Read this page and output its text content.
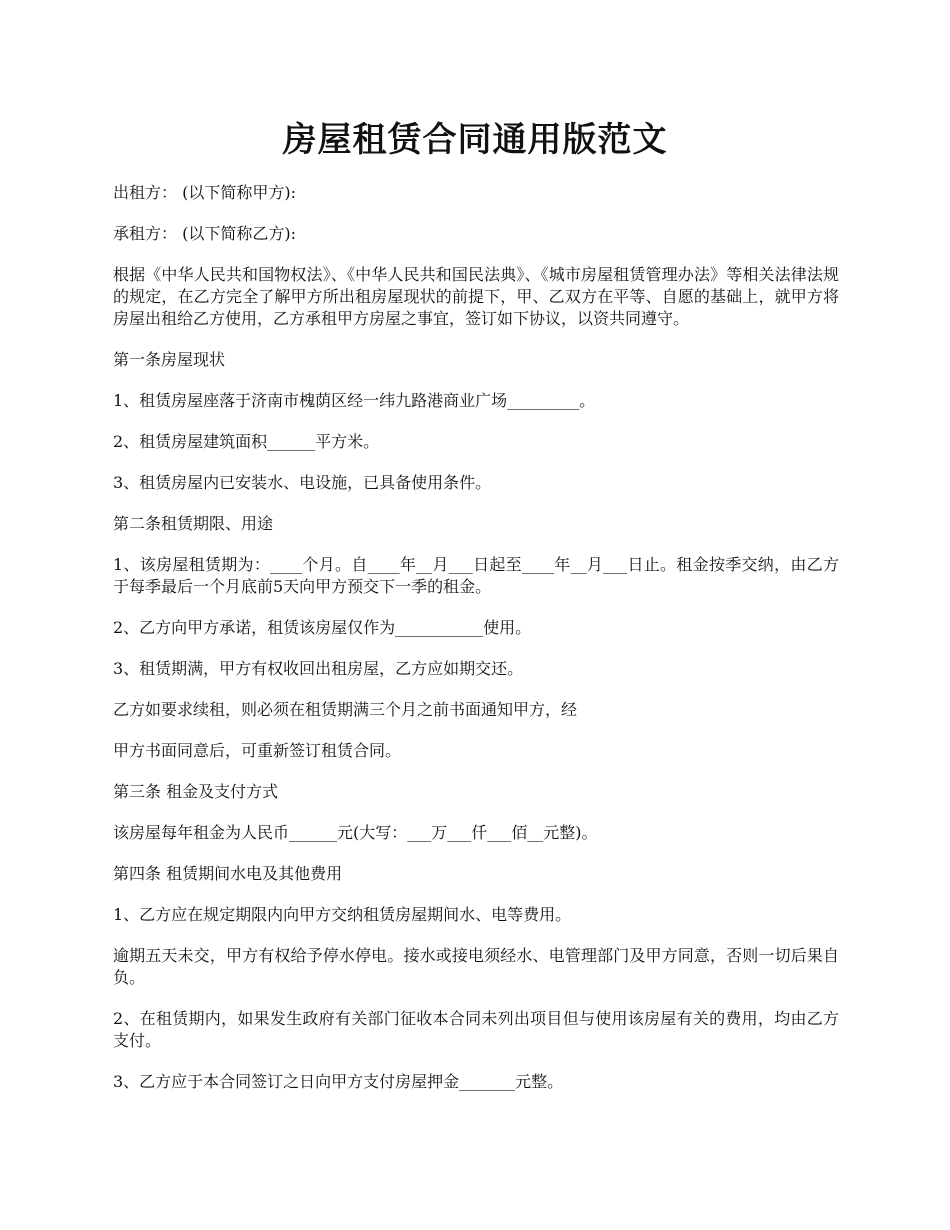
房屋租赁合同通用版范文

出租方： (以下简称甲方):

承租方： (以下简称乙方):

根据《中华人民共和国物权法》、《中华人民共和国民法典》、《城市房屋租赁管理办法》等相关法律法规的规定，在乙方完全了解甲方所出租房屋现状的前提下，甲、乙双方在平等、自愿的基础上，就甲方将房屋出租给乙方使用，乙方承租甲方房屋之事宜，签订如下协议，以资共同遵守。

第一条房屋现状

1、租赁房屋座落于济南市槐荫区经一纬九路港商业广场_________。

2、租赁房屋建筑面积______平方米。

3、租赁房屋内已安装水、电设施，已具备使用条件。

第二条租赁期限、用途

1、该房屋租赁期为：____个月。自____年__月___日起至____年__月___日止。租金按季交纳，由乙方于每季最后一个月底前5天向甲方预交下一季的租金。

2、乙方向甲方承诺，租赁该房屋仅作为___________使用。

3、租赁期满，甲方有权收回出租房屋，乙方应如期交还。

乙方如要求续租，则必须在租赁期满三个月之前书面通知甲方，经

甲方书面同意后，可重新签订租赁合同。

第三条 租金及支付方式

该房屋每年租金为人民币______元(大写：___万___仟___佰__元整)。

第四条 租赁期间水电及其他费用

1、乙方应在规定期限内向甲方交纳租赁房屋期间水、电等费用。

逾期五天未交，甲方有权给予停水停电。接水或接电须经水、电管理部门及甲方同意，否则一切后果自负。

2、在租赁期内，如果发生政府有关部门征收本合同未列出项目但与使用该房屋有关的费用，均由乙方支付。

3、乙方应于本合同签订之日向甲方支付房屋押金_______元整。
